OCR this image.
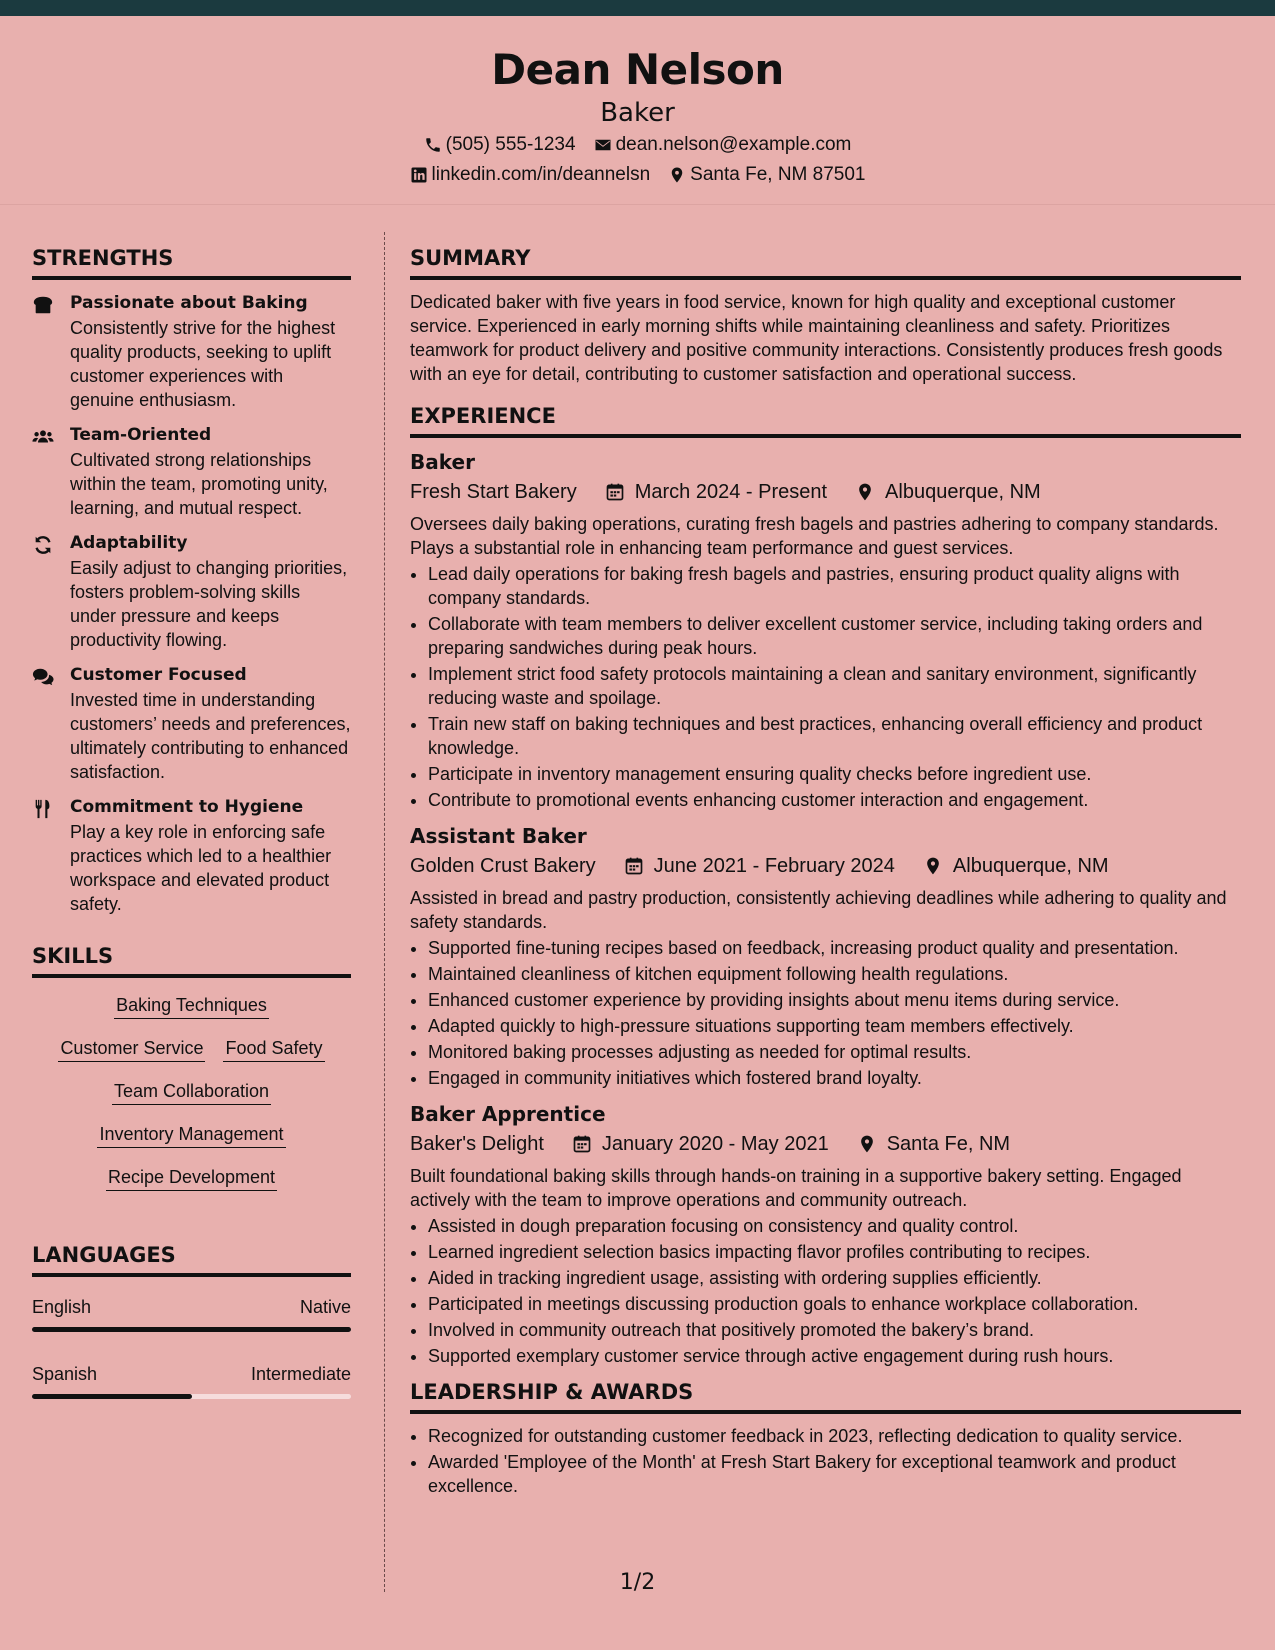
Dean Nelson
Baker
(505) 555-1234 dean.nelson@example.com
linkedin.com/in/deannelsn Santa Fe, NM 87501
STRENGTHS
Passionate about Baking
Consistently strive for the highest quality products, seeking to uplift customer experiences with genuine enthusiasm.
Team-Oriented
Cultivated strong relationships within the team, promoting unity, learning, and mutual respect.
Adaptability
Easily adjust to changing priorities, fosters problem-solving skills under pressure and keeps productivity flowing.
Customer Focused
Invested time in understanding customers’ needs and preferences, ultimately contributing to enhanced satisfaction.
Commitment to Hygiene
Play a key role in enforcing safe practices which led to a healthier workspace and elevated product safety.
SKILLS
Baking Techniques
Customer Service Food Safety
Team Collaboration
Inventory Management
Recipe Development
LANGUAGES
English	Native
Spanish	Intermediate
SUMMARY
Dedicated baker with five years in food service, known for high quality and exceptional customer service. Experienced in early morning shifts while maintaining cleanliness and safety. Prioritizes teamwork for product delivery and positive community interactions. Consistently produces fresh goods with an eye for detail, contributing to customer satisfaction and operational success.
EXPERIENCE
Baker
Fresh Start Bakery	March 2024 - Present	Albuquerque, NM
Oversees daily baking operations, curating fresh bagels and pastries adhering to company standards. Plays a substantial role in enhancing team performance and guest services.
• Lead daily operations for baking fresh bagels and pastries, ensuring product quality aligns with company standards.
• Collaborate with team members to deliver excellent customer service, including taking orders and preparing sandwiches during peak hours.
• Implement strict food safety protocols maintaining a clean and sanitary environment, significantly reducing waste and spoilage.
• Train new staff on baking techniques and best practices, enhancing overall efficiency and product knowledge.
• Participate in inventory management ensuring quality checks before ingredient use.
• Contribute to promotional events enhancing customer interaction and engagement.
Assistant Baker
Golden Crust Bakery	June 2021 - February 2024	Albuquerque, NM
Assisted in bread and pastry production, consistently achieving deadlines while adhering to quality and safety standards.
• Supported fine-tuning recipes based on feedback, increasing product quality and presentation.
• Maintained cleanliness of kitchen equipment following health regulations.
• Enhanced customer experience by providing insights about menu items during service.
• Adapted quickly to high-pressure situations supporting team members effectively.
• Monitored baking processes adjusting as needed for optimal results.
• Engaged in community initiatives which fostered brand loyalty.
Baker Apprentice
Baker's Delight	January 2020 - May 2021	Santa Fe, NM
Built foundational baking skills through hands-on training in a supportive bakery setting. Engaged actively with the team to improve operations and community outreach.
• Assisted in dough preparation focusing on consistency and quality control.
• Learned ingredient selection basics impacting flavor profiles contributing to recipes.
• Aided in tracking ingredient usage, assisting with ordering supplies efficiently.
• Participated in meetings discussing production goals to enhance workplace collaboration.
• Involved in community outreach that positively promoted the bakery’s brand.
• Supported exemplary customer service through active engagement during rush hours.
LEADERSHIP & AWARDS
• Recognized for outstanding customer feedback in 2023, reflecting dedication to quality service.
• Awarded 'Employee of the Month' at Fresh Start Bakery for exceptional teamwork and product excellence.
1/2
